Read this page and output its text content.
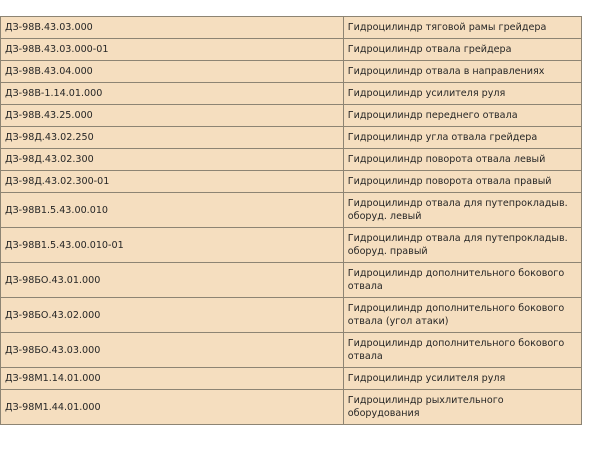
ДЗ-98В.43.03.000	Гидроцилиндр тяговой рамы грейдера
ДЗ-98В.43.03.000-01	Гидроцилиндр отвала грейдера
ДЗ-98В.43.04.000	Гидроцилиндр отвала в направлениях
ДЗ-98В-1.14.01.000	Гидроцилиндр усилителя руля
ДЗ-98В.43.25.000	Гидроцилиндр переднего отвала
ДЗ-98Д.43.02.250	Гидроцилиндр угла отвала грейдера
ДЗ-98Д.43.02.300	Гидроцилиндр поворота отвала левый
ДЗ-98Д.43.02.300-01	Гидроцилиндр поворота отвала правый
ДЗ-98В1.5.43.00.010	Гидроцилиндр отвала для путепрокладыв. оборуд. левый
ДЗ-98В1.5.43.00.010-01	Гидроцилиндр отвала для путепрокладыв. оборуд. правый
ДЗ-98БО.43.01.000	Гидроцилиндр дополнительного бокового отвала
ДЗ-98БО.43.02.000	Гидроцилиндр дополнительного бокового отвала (угол атаки)
ДЗ-98БО.43.03.000	Гидроцилиндр дополнительного бокового отвала
ДЗ-98М1.14.01.000	Гидроцилиндр усилителя руля
ДЗ-98М1.44.01.000	Гидроцилиндр рыхлительного оборудования
